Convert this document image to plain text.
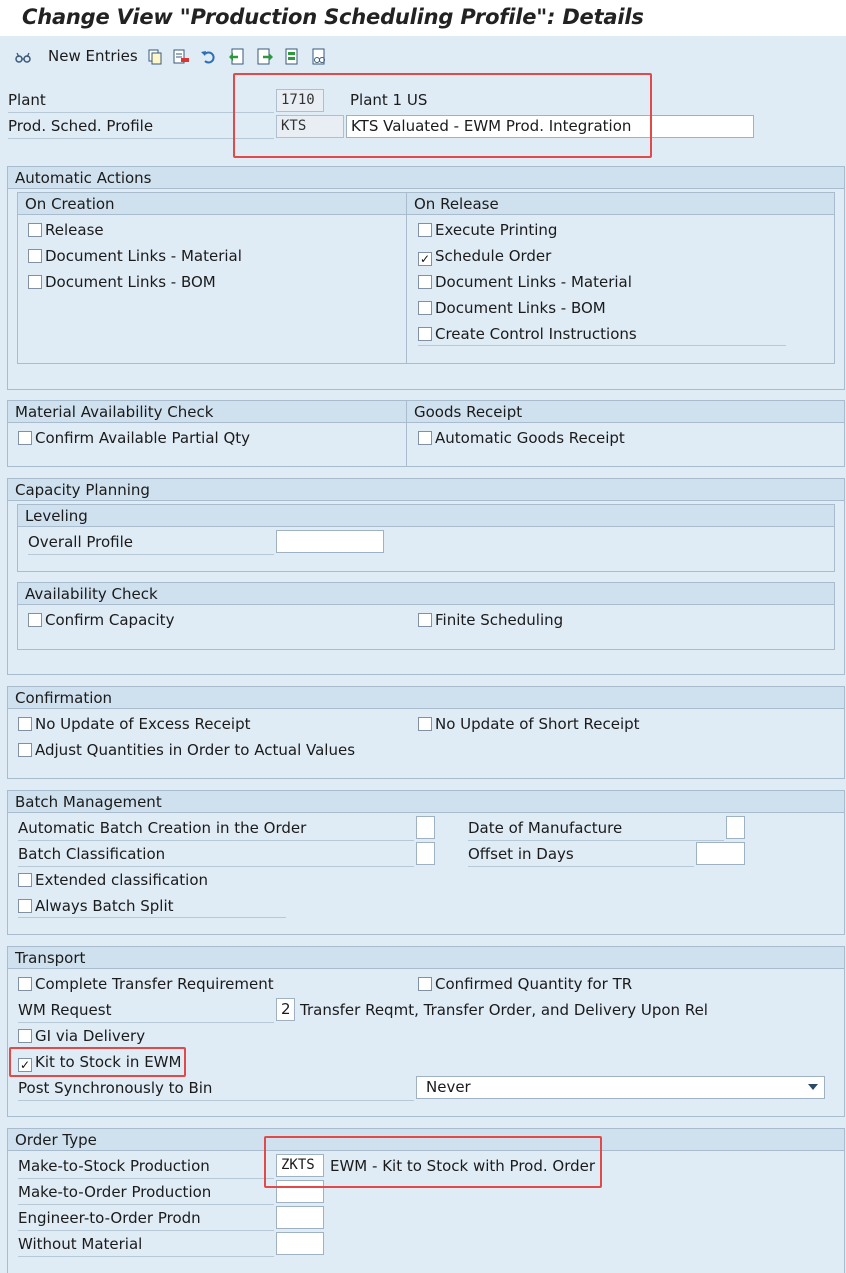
Change View "Production Scheduling Profile": Details
New Entries
Plant	1710	Plant 1 US
Prod. Sched. Profile	KTS	KTS Valuated - EWM Prod. Integration
Automatic Actions
On Creation	On Release
Release
Document Links - Material
Document Links - BOM
Execute Printing
✓ Schedule Order
Document Links - Material
Document Links - BOM
Create Control Instructions
Material Availability Check	Goods Receipt
Confirm Available Partial Qty	Automatic Goods Receipt
Capacity Planning
Leveling
Overall Profile
Availability Check
Confirm Capacity	Finite Scheduling
Confirmation
No Update of Excess Receipt	No Update of Short Receipt
Adjust Quantities in Order to Actual Values
Batch Management
Automatic Batch Creation in the Order	Date of Manufacture
Batch Classification	Offset in Days
Extended classification
Always Batch Split
Transport
Complete Transfer Requirement	Confirmed Quantity for TR
WM Request	2 Transfer Reqmt, Transfer Order, and Delivery Upon Rel
GI via Delivery
✓ Kit to Stock in EWM
Post Synchronously to Bin	Never
Order Type
Make-to-Stock Production	ZKTS	EWM - Kit to Stock with Prod. Order
Make-to-Order Production
Engineer-to-Order Prodn
Without Material
